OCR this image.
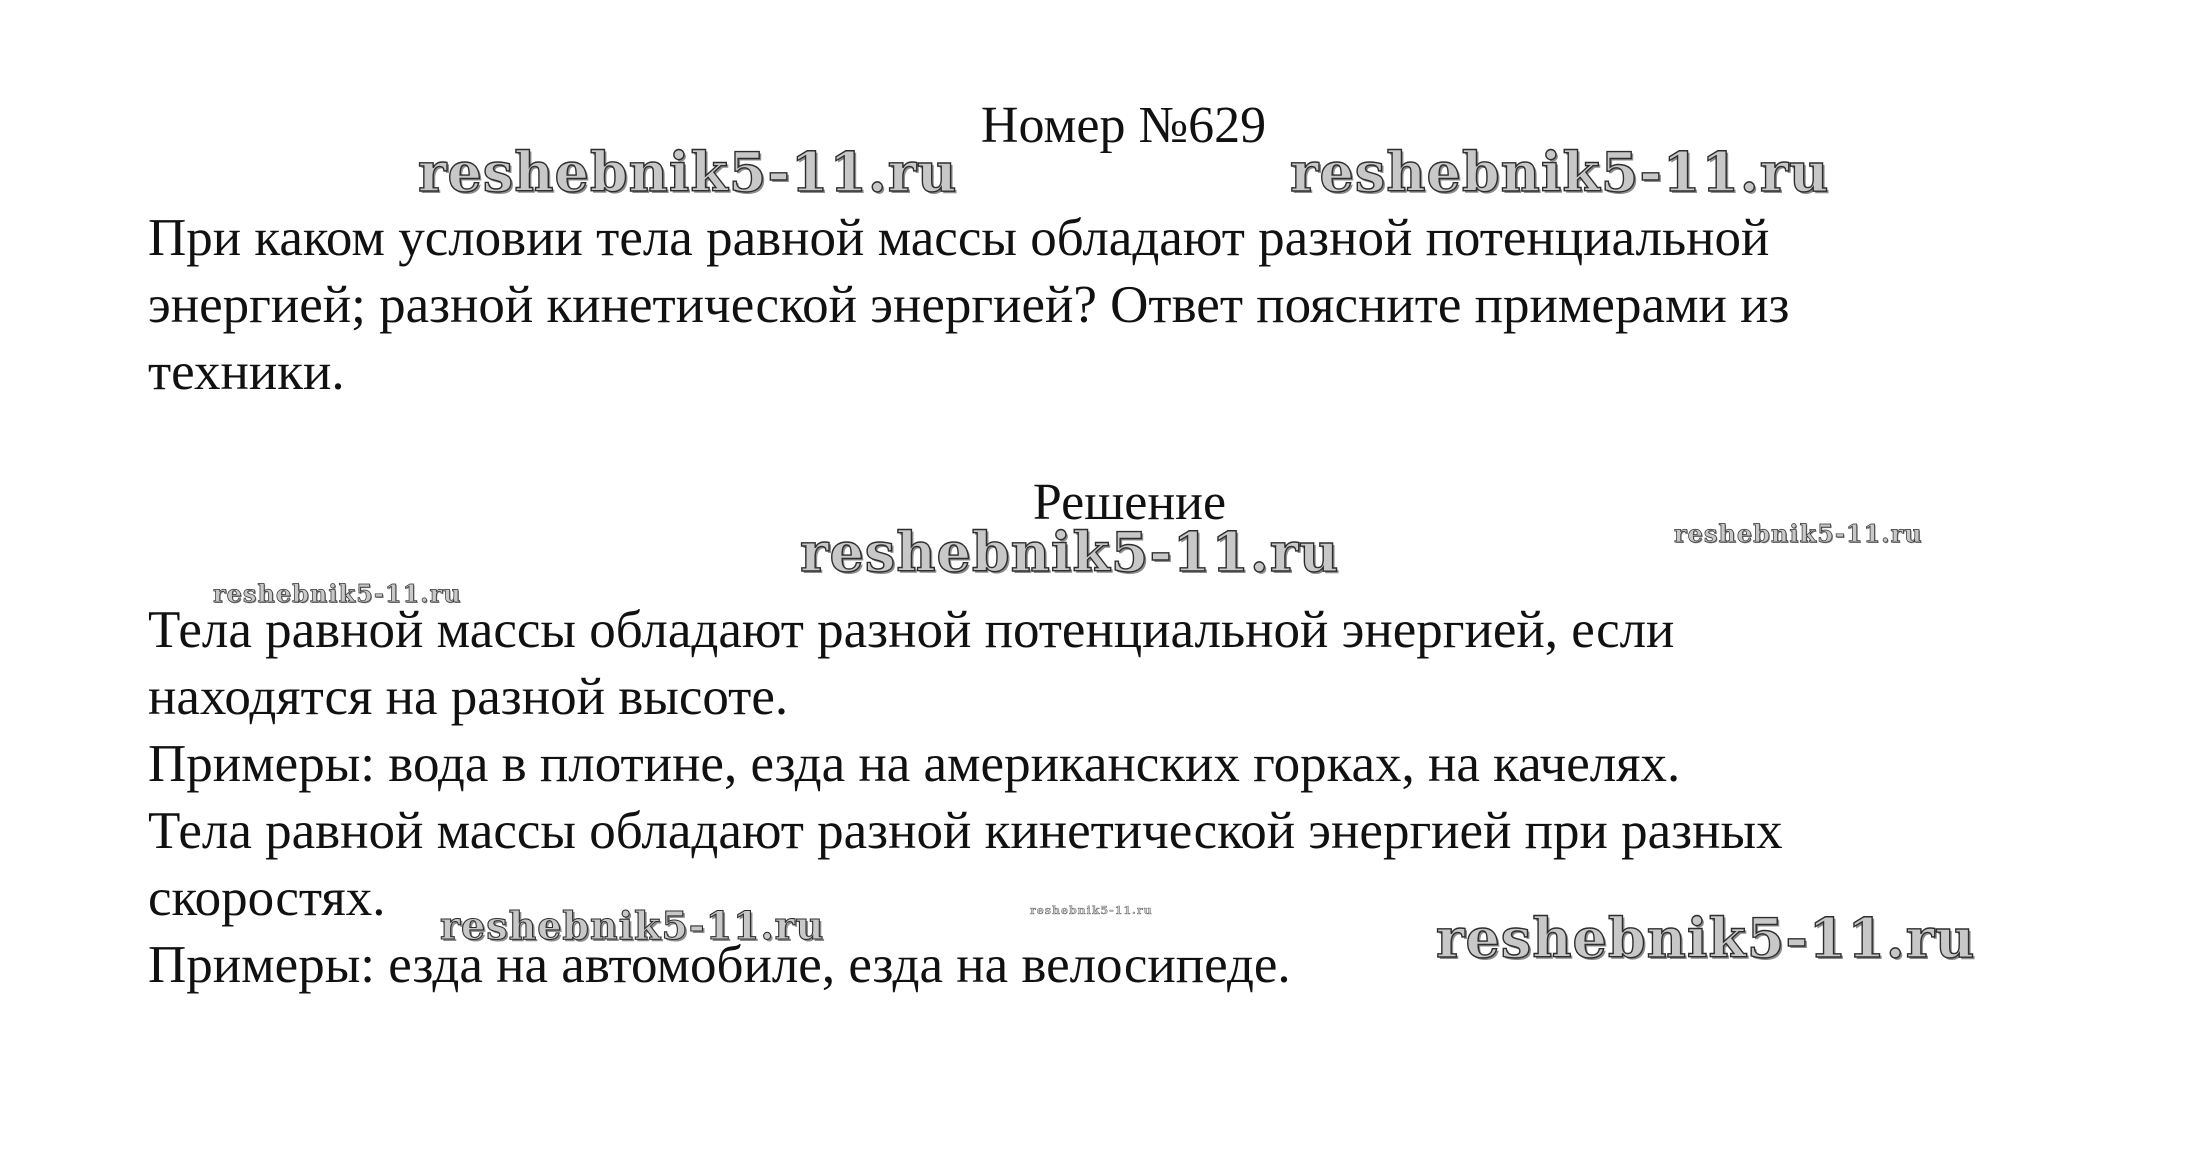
reshebnik5-11.ru	reshebnik5-11.ru
reshebnik5-11.ru	reshebnik5-11.ru
reshebnik5-11.ru
reshebnik5-11.ru	reshebnik5-11.ru	reshebnik5-11.ru
Номер №629
При каком условии тела равной массы обладают разной потенциальной
энергией; разной кинетической энергией? Ответ поясните примерами из
техники.
Решение
Тела равной массы обладают разной потенциальной энергией, если
находятся на разной высоте.
Примеры: вода в плотине, езда на американских горках, на качелях.
Тела равной массы обладают разной кинетической энергией при разных
скоростях.
Примеры: езда на автомобиле, езда на велосипеде.
